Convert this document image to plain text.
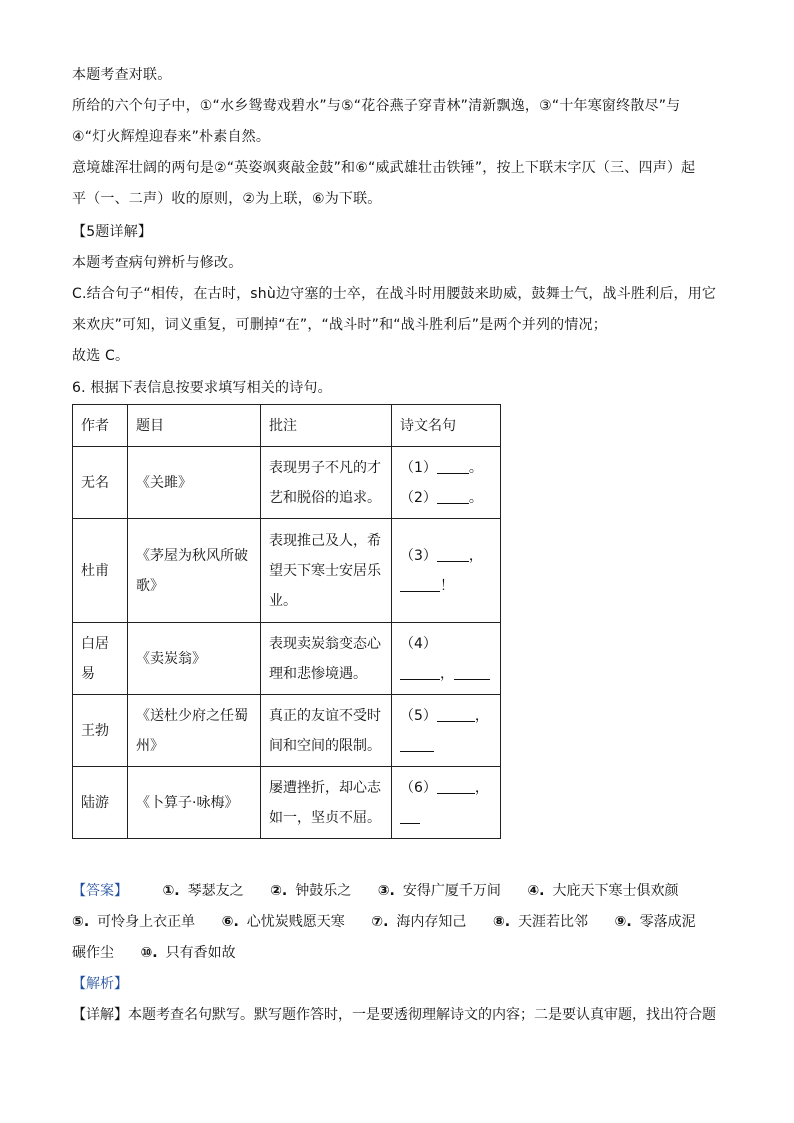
本题考查对联。
所给的六个句子中，①“水乡鸳鸯戏碧水”与⑤“花谷燕子穿青林”清新飘逸，③“十年寒窗终散尽”与
④“灯火辉煌迎春来”朴素自然。
意境雄浑壮阔的两句是②“英姿飒爽敲金鼓”和⑥“威武雄壮击铁锤”，按上下联末字仄（三、四声）起
平（一、二声）收的原则，②为上联，⑥为下联。
【5题详解】
本题考查病句辨析与修改。
C.结合句子“相传，在古时，shù边守塞的士卒，在战斗时用腰鼓来助威，鼓舞士气，战斗胜利后，用它
来欢庆”可知，词义重复，可删掉“在”，“战斗时”和“战斗胜利后”是两个并列的情况；
故选 C。
6. 根据下表信息按要求填写相关的诗句。
作者	题目	批注	诗文名句
无名	《关雎》	表现男子不凡的才艺和脱俗的追求。	（1） 。
（2） 。

杜甫	《茅屋为秋风所破歌》	表现推己及人，希望天下寒士安居乐业。	（3） ，
！

白居易	《卖炭翁》	表现卖炭翁变态心理和悲惨境遇。	（4）
，

王勃	《送杜少府之任蜀州》	真正的友谊不受时间和空间的限制。	（5） ，

陆游	《卜算子·咏梅》	屡遭挫折，却心志如一，坚贞不屈。	（6） ，
【答案】 ①. 琴瑟友之 ②. 钟鼓乐之 ③. 安得广厦千万间 ④. 大庇天下寒士俱欢颜
⑤. 可怜身上衣正单 ⑥. 心忧炭贱愿天寒 ⑦. 海内存知己 ⑧. 天涯若比邻 ⑨. 零落成泥
碾作尘 ⑩. 只有香如故
【解析】
【详解】本题考查名句默写。默写题作答时，一是要透彻理解诗文的内容；二是要认真审题，找出符合题
